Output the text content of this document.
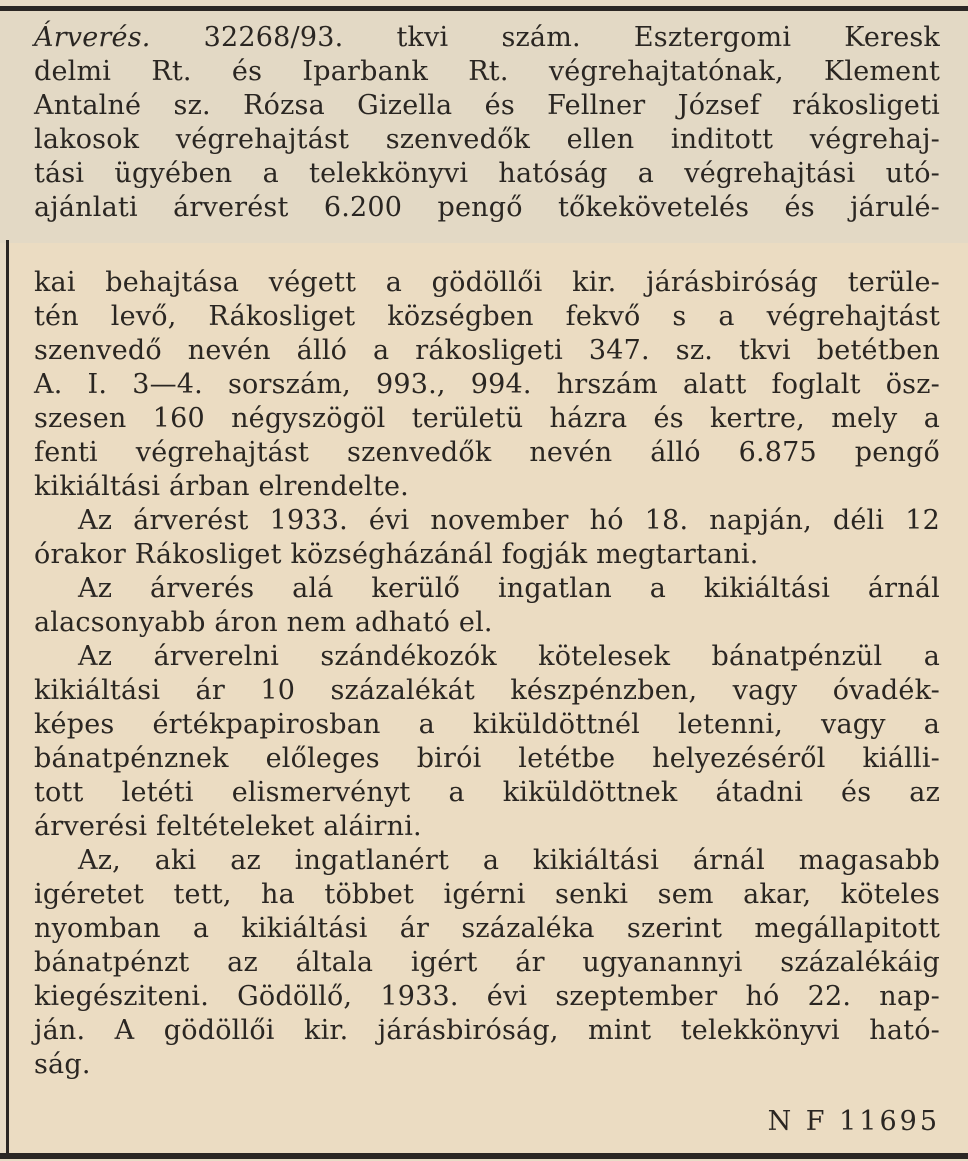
Árverés. 32268/93. tkvi szám. Esztergomi Keresk
delmi Rt. és Iparbank Rt. végrehajtatónak, Klement
Antalné sz. Rózsa Gizella és Fellner József rákosligeti
lakosok végrehajtást szenvedők ellen inditott végrehaj-
tási ügyében a telekkönyvi hatóság a végrehajtási utó-
ajánlati árverést 6.200 pengő tőkekövetelés és járulé-
kai behajtása végett a gödöllői kir. járásbiróság terüle-
tén levő, Rákosliget községben fekvő s a végrehajtást
szenvedő nevén álló a rákosligeti 347. sz. tkvi betétben
A. I. 3—4. sorszám, 993., 994. hrszám alatt foglalt ösz-
szesen 160 négyszögöl területü házra és kertre, mely a
fenti végrehajtást szenvedők nevén álló 6.875 pengő
kikiáltási árban elrendelte.
Az árverést 1933. évi november hó 18. napján, déli 12
órakor Rákosliget községházánál fogják megtartani.
Az árverés alá kerülő ingatlan a kikiáltási árnál
alacsonyabb áron nem adható el.
Az árverelni szándékozók kötelesek bánatpénzül a
kikiáltási ár 10 százalékát készpénzben, vagy óvadék-
képes értékpapirosban a kiküldöttnél letenni, vagy a
bánatpénznek előleges birói letétbe helyezéséről kiálli-
tott letéti elismervényt a kiküldöttnek átadni és az
árverési feltételeket aláirni.
Az, aki az ingatlanért a kikiáltási árnál magasabb
igéretet tett, ha többet igérni senki sem akar, köteles
nyomban a kikiáltási ár százaléka szerint megállapitott
bánatpénzt az általa igért ár ugyanannyi százalékáig
kiegésziteni. Gödöllő, 1933. évi szeptember hó 22. nap-
ján. A gödöllői kir. járásbiróság, mint telekkönyvi ható-
ság.
N F 11695
